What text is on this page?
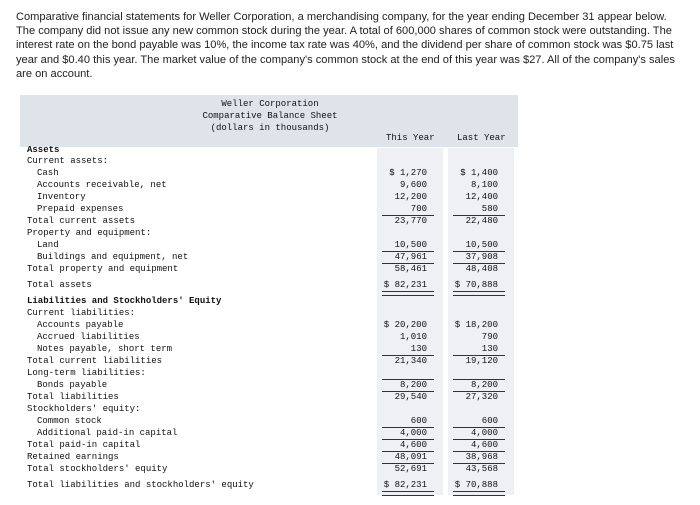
Comparative financial statements for Weller Corporation, a merchandising company, for the year ending December 31 appear below. The company did not issue any new common stock during the year. A total of 600,000 shares of common stock were outstanding. The interest rate on the bond payable was 10%, the income tax rate was 40%, and the dividend per share of common stock was $0.75 last year and $0.40 this year. The market value of the company's common stock at the end of this year was $27. All of the company's sales are on account.
Weller Corporation
Comparative Balance Sheet
(dollars in thousands)
This Year Last Year
Assets
Current assets:
Cash	$ 1,270	$ 1,400
Accounts receivable, net	9,600	8,100
Inventory	12,200	12,400
Prepaid expenses	700	580
Total current assets	23,770	22,480
Property and equipment:
Land	10,500	10,500
Buildings and equipment, net	47,961	37,908
Total property and equipment	58,461	48,408
Total assets	$ 82,231	$ 70,888
Liabilities and Stockholders' Equity
Current liabilities:
Accounts payable	$ 20,200	$ 18,200
Accrued liabilities	1,010	790
Notes payable, short term	130	130
Total current liabilities	21,340	19,120
Long-term liabilities:
Bonds payable	8,200	8,200
Total liabilities	29,540	27,320
Stockholders' equity:
Common stock	600	600
Additional paid-in capital	4,000	4,000
Total paid-in capital	4,600	4,600
Retained earnings	48,091	38,968
Total stockholders' equity	52,691	43,568
Total liabilities and stockholders' equity	$ 82,231	$ 70,888
